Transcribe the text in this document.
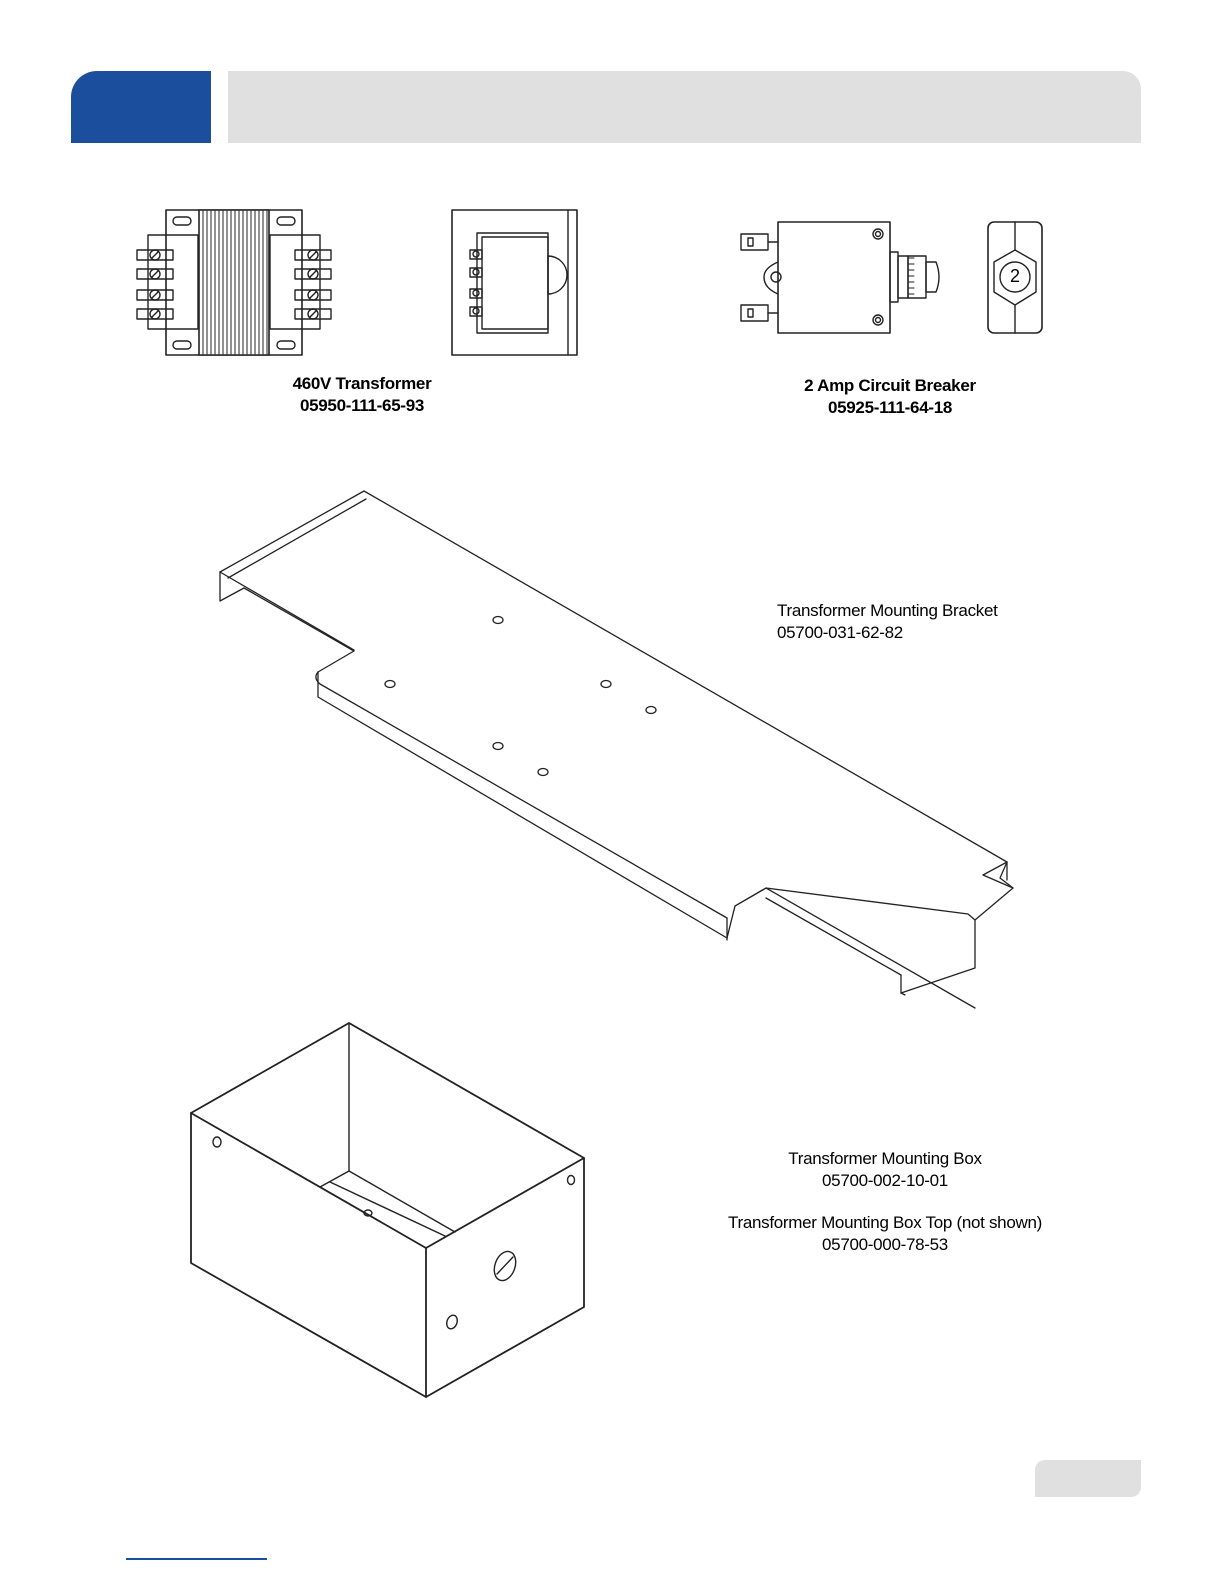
2
460V Transformer
05950-111-65-93
2 Amp Circuit Breaker
05925-111-64-18
Transformer Mounting Bracket
05700-031-62-82
Transformer Mounting Box
05700-002-10-01
Transformer Mounting Box Top (not shown)
05700-000-78-53
